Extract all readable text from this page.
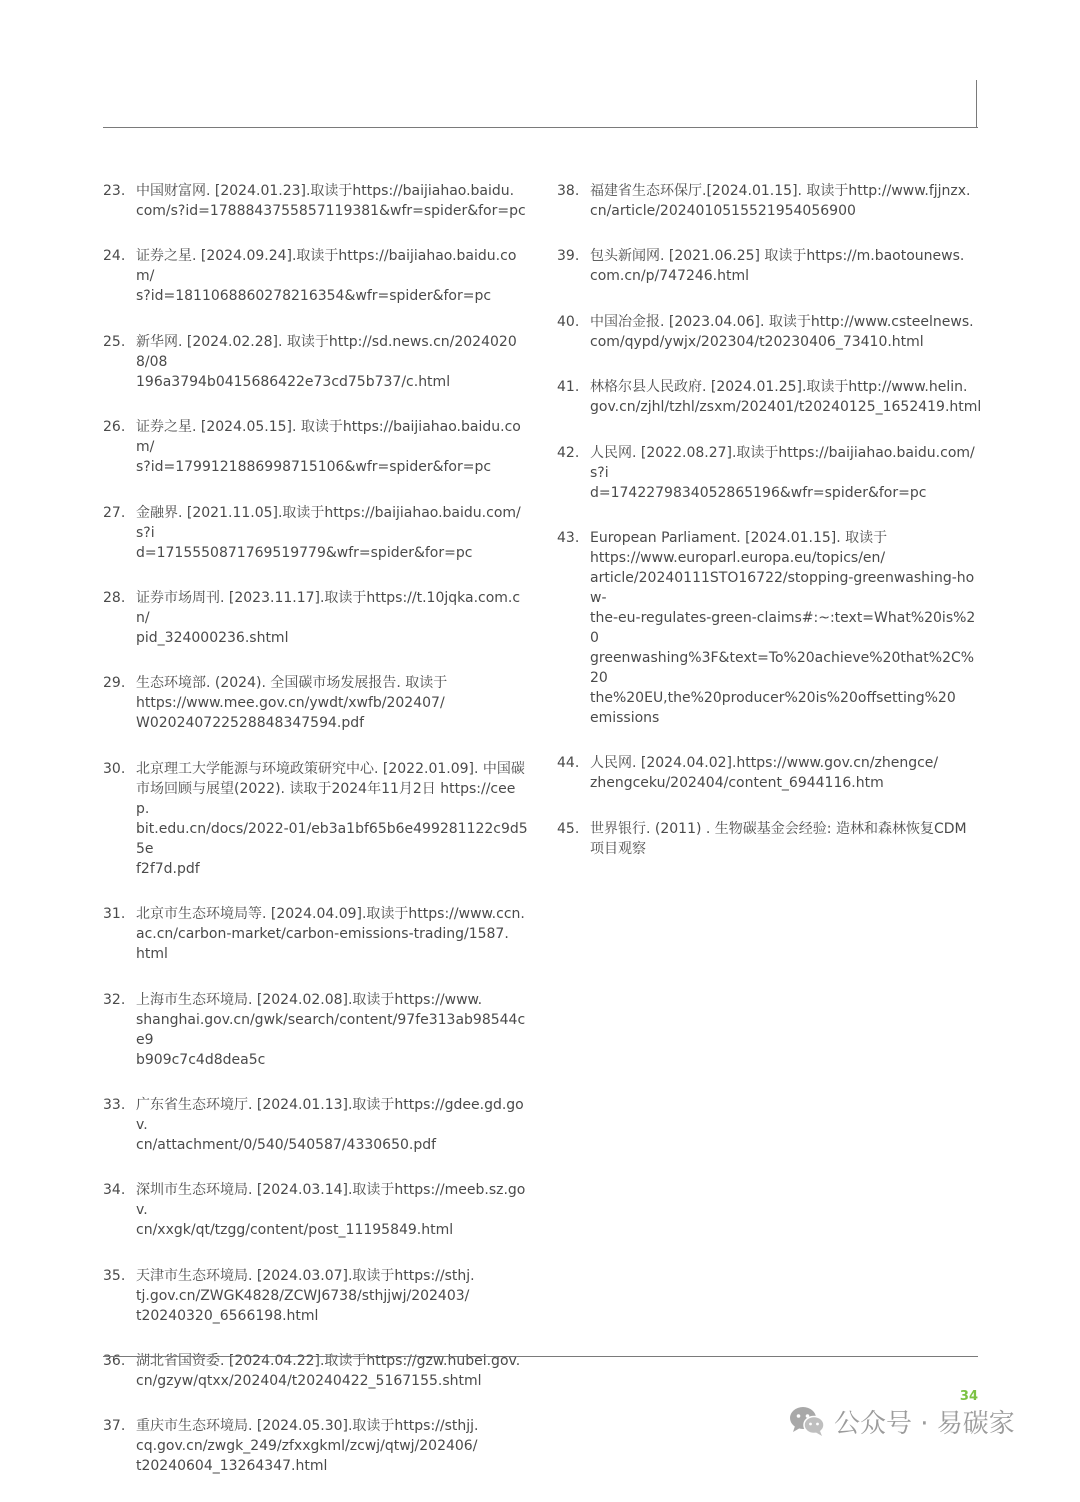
23. 中国财富网. [2024.01.23].取读于https://baijiahao.baidu.
com/s?id=1788843755857119381&wfr=spider&for=pc
24. 证券之星. [2024.09.24].取读于https://baijiahao.baidu.com/
s?id=1811068860278216354&wfr=spider&for=pc
25. 新华网. [2024.02.28]. 取读于http://sd.news.cn/20240208/08
196a3794b0415686422e73cd75b737/c.html
26. 证券之星. [2024.05.15]. 取读于https://baijiahao.baidu.com/
s?id=1799121886998715106&wfr=spider&for=pc
27. 金融界. [2021.11.05].取读于https://baijiahao.baidu.com/s?i
d=1715550871769519779&wfr=spider&for=pc
28. 证券市场周刊. [2023.11.17].取读于https://t.10jqka.com.cn/
pid_324000236.shtml
29. 生态环境部. (2024). 全国碳市场发展报告. 取读于
https://www.mee.gov.cn/ywdt/xwfb/202407/
W020240722528848347594.pdf
30. 北京理工大学能源与环境政策研究中心. [2022.01.09]. 中国碳
市场回顾与展望(2022). 读取于2024年11月2日 https://ceep.
bit.edu.cn/docs/2022-01/eb3a1bf65b6e499281122c9d55e
f2f7d.pdf
31. 北京市生态环境局等. [2024.04.09].取读于https://www.ccn.
ac.cn/carbon-market/carbon-emissions-trading/1587.
html
32. 上海市生态环境局. [2024.02.08].取读于https://www.
shanghai.gov.cn/gwk/search/content/97fe313ab98544ce9
b909c7c4d8dea5c
33. 广东省生态环境厅. [2024.01.13].取读于https://gdee.gd.gov.
cn/attachment/0/540/540587/4330650.pdf
34. 深圳市生态环境局. [2024.03.14].取读于https://meeb.sz.gov.
cn/xxgk/qt/tzgg/content/post_11195849.html
35. 天津市生态环境局. [2024.03.07].取读于https://sthj.
tj.gov.cn/ZWGK4828/ZCWJ6738/sthjjwj/202403/
t20240320_6566198.html
36. 湖北省国资委. [2024.04.22].取读于https://gzw.hubei.gov.
cn/gzyw/qtxx/202404/t20240422_5167155.shtml
37. 重庆市生态环境局. [2024.05.30].取读于https://sthjj.
cq.gov.cn/zwgk_249/zfxxgkml/zcwj/qtwj/202406/
t20240604_13264347.html
38. 福建省生态环保厅.[2024.01.15]. 取读于http://www.fjjnzx.
cn/article/20240105155219540569​00
39. 包头新闻网. [2021.06.25] 取读于https://m.baotounews.
com.cn/p/747246.html
40. 中国冶金报. [2023.04.06]. 取读于http://www.csteelnews.
com/qypd/ywjx/202304/t20230406_73410.html
41. 林格尔县人民政府. [2024.01.25].取读于http://www.helin.
gov.cn/zjhl/tzhl/zsxm/202401/t20240125_1652419.html
42. 人民网. [2022.08.27].取读于https://baijiahao.baidu.com/s?i
d=1742279834052865196&wfr=spider&for=pc
43. European Parliament. [2024.01.15]. 取读于
https://www.europarl.europa.eu/topics/en/
article/20240111STO16722/stopping-greenwashing-how-
the-eu-regulates-green-claims#:~:text=What%20is%20
greenwashing%3F&text=To%20achieve%20that%2C%20
the%20EU,the%20producer%20is%20offsetting%20
emissions
44. 人民网. [2024.04.02].https://www.gov.cn/zhengce/
zhengceku/202404/content_6944116.htm
45. 世界银行. (2011) . 生物碳基金会经验: 造林和森林恢复CDM
项目观察
34
公众号 · 易碳家
